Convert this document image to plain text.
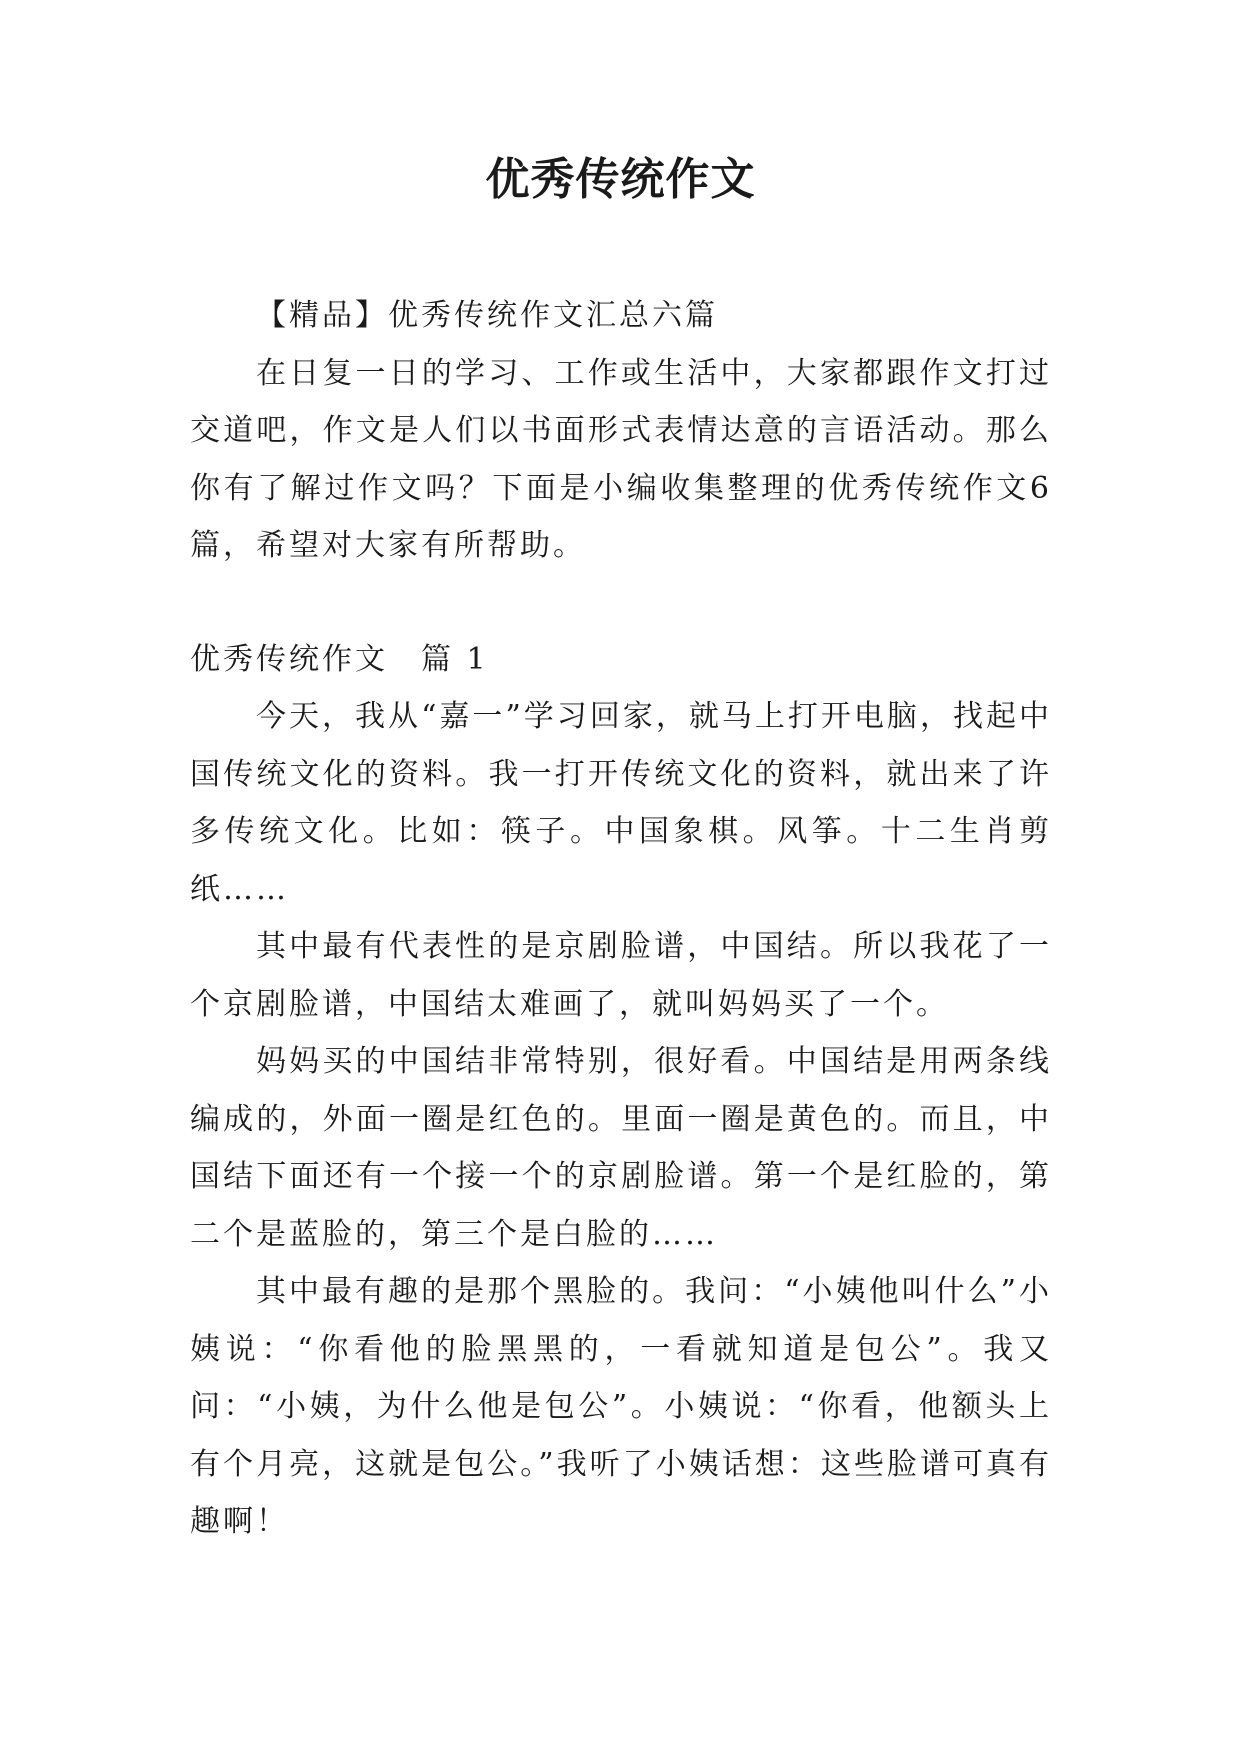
优秀传统作文

【精品】优秀传统作文汇总六篇

在日复一日的学习、工作或生活中，大家都跟作文打过交道吧，作文是人们以书面形式表情达意的言语活动。那么你有了解过作文吗？下面是小编收集整理的优秀传统作文6篇，希望对大家有所帮助。

优秀传统作文　篇 1

今天，我从“嘉一”学习回家，就马上打开电脑，找起中国传统文化的资料。我一打开传统文化的资料，就出来了许多传统文化。比如：筷子。中国象棋。风筝。十二生肖剪纸……

其中最有代表性的是京剧脸谱，中国结。所以我花了一个京剧脸谱，中国结太难画了，就叫妈妈买了一个。

妈妈买的中国结非常特别，很好看。中国结是用两条线编成的，外面一圈是红色的。里面一圈是黄色的。而且，中国结下面还有一个接一个的京剧脸谱。第一个是红脸的，第二个是蓝脸的，第三个是白脸的……

其中最有趣的是那个黑脸的。我问：“小姨他叫什么”小姨说：“你看他的脸黑黑的，一看就知道是包公”。我又问：“小姨，为什么他是包公”。小姨说：“你看，他额头上有个月亮，这就是包公。”我听了小姨话想：这些脸谱可真有趣啊！
